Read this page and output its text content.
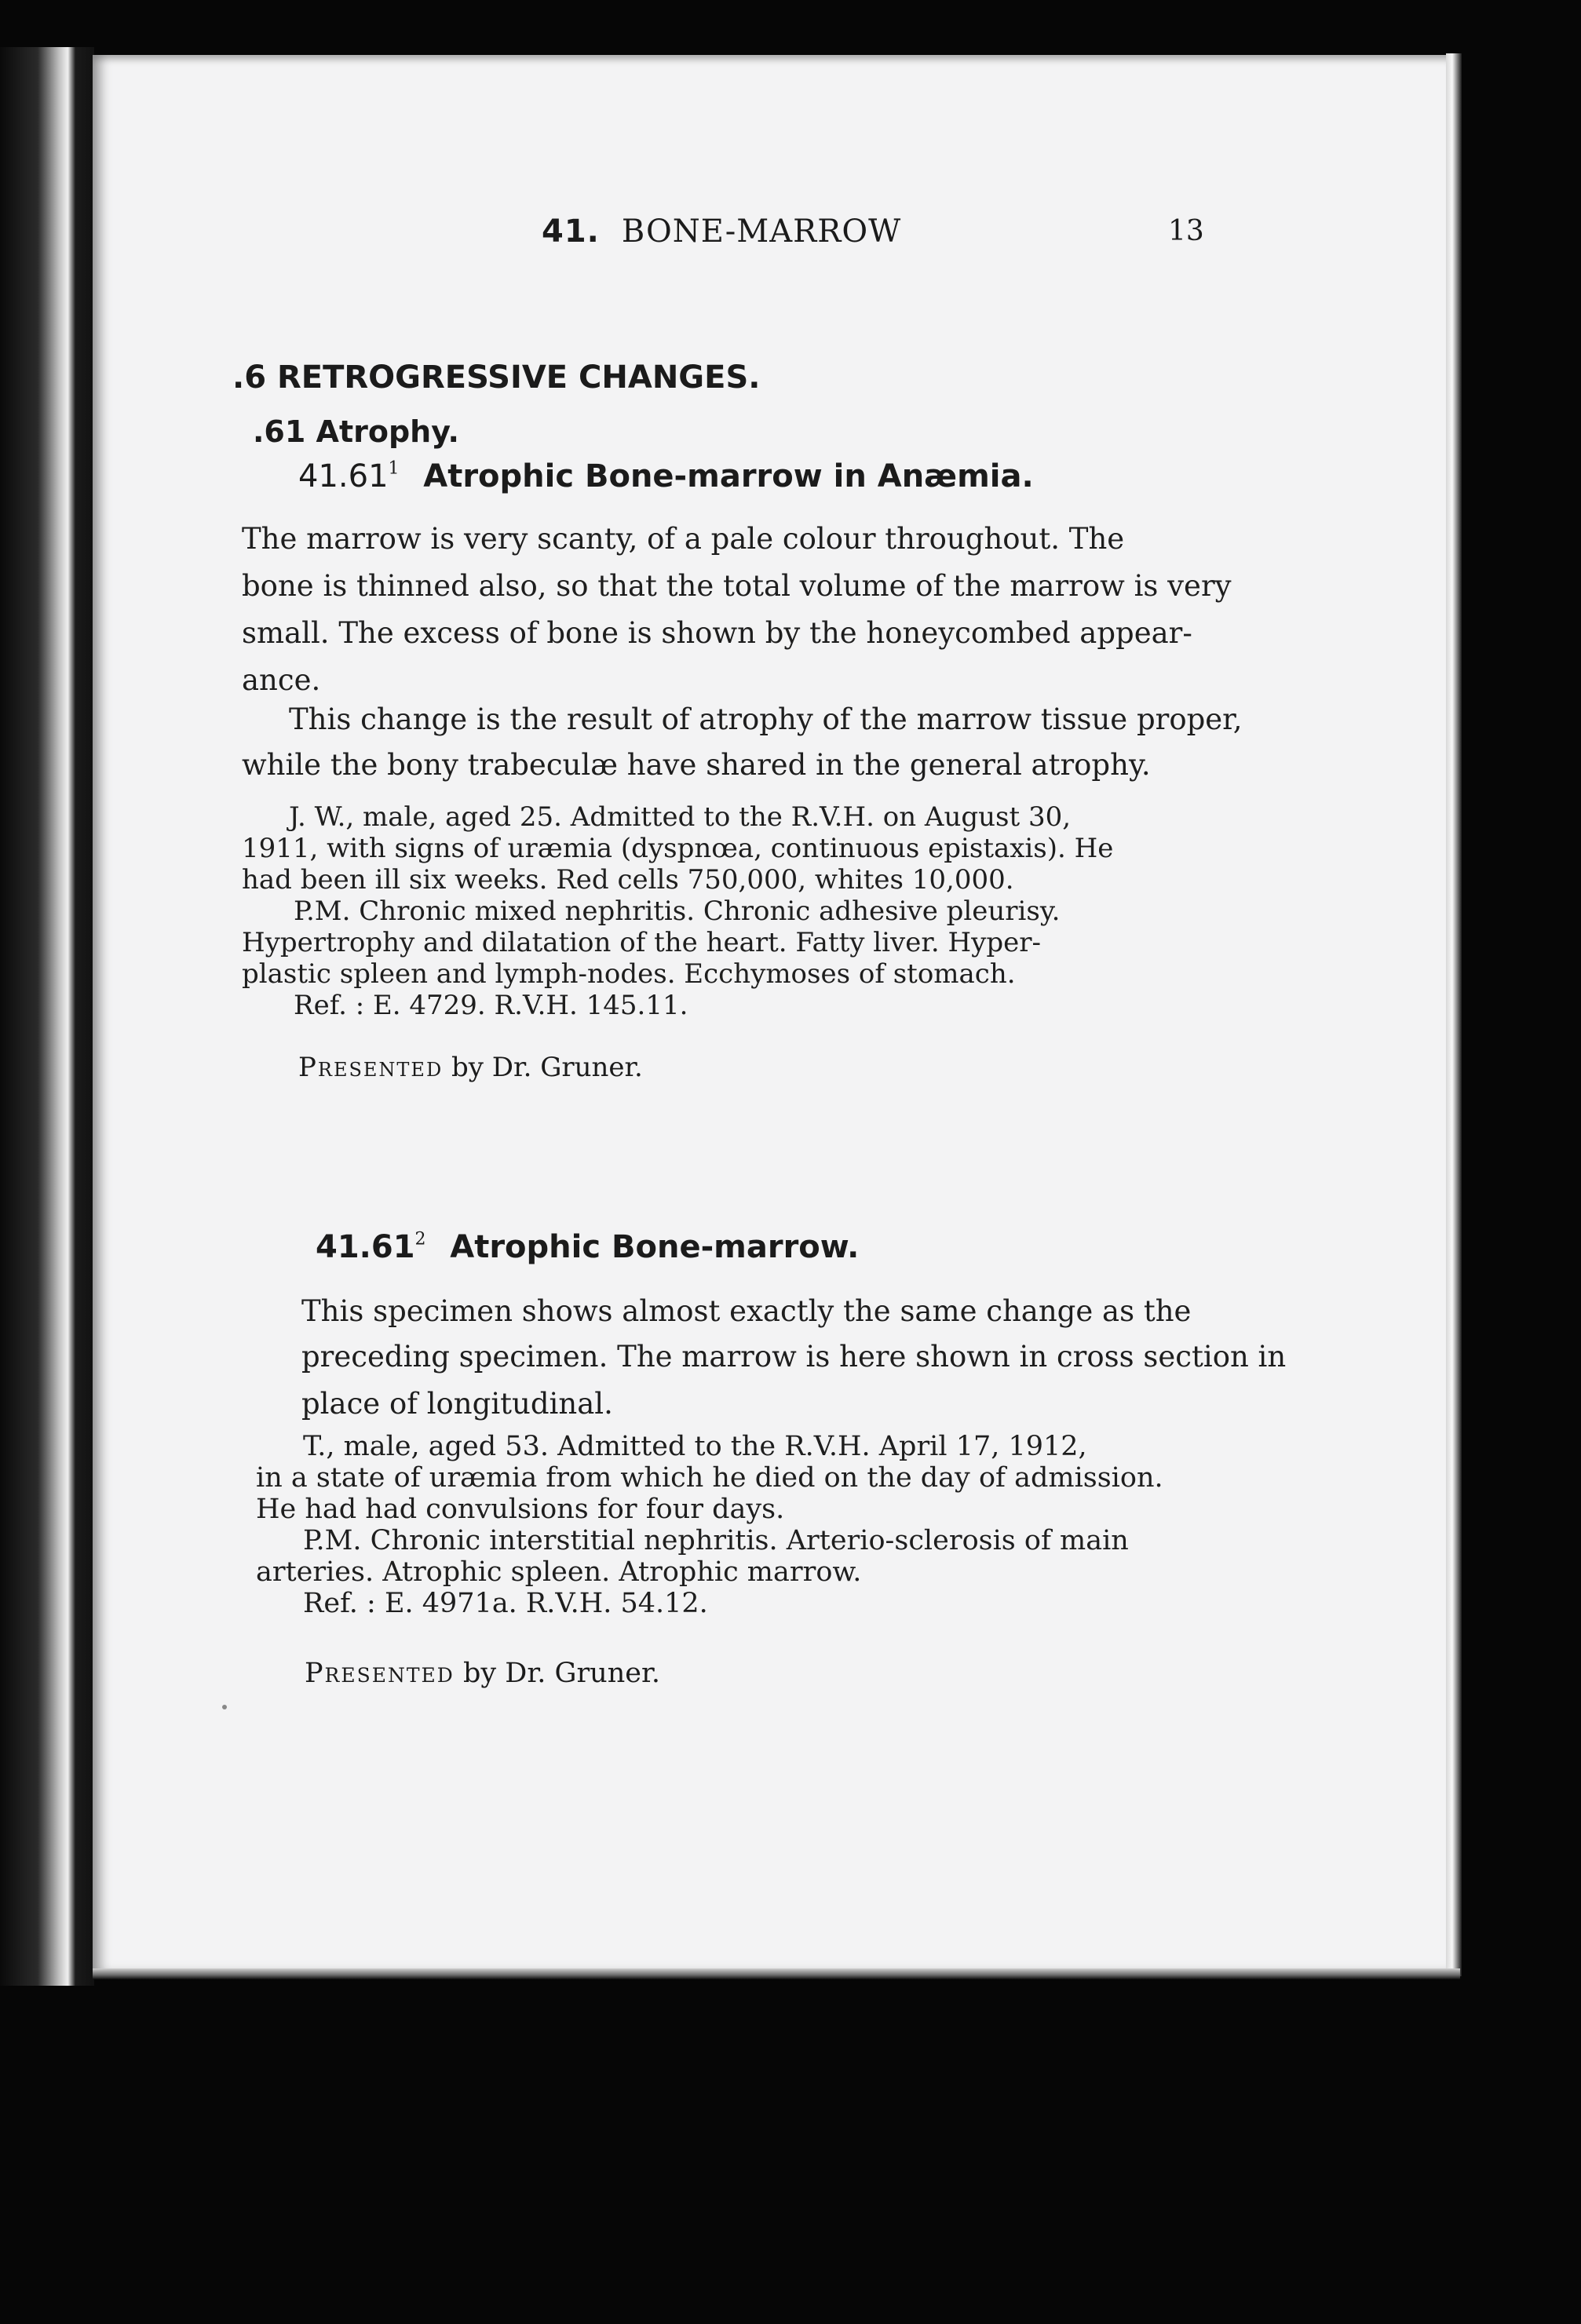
41. BONE-MARROW	13
.6 RETROGRESSIVE CHANGES.
.61 Atrophy.
41.61$^1$ Atrophic Bone-marrow in Anæmia.
The marrow is very scanty, of a pale colour throughout. The
bone is thinned also, so that the total volume of the marrow is very
small. The excess of bone is shown by the honeycombed appear-
ance.
This change is the result of atrophy of the marrow tissue proper,
while the bony trabeculæ have shared in the general atrophy.
J. W., male, aged 25. Admitted to the R.V.H. on August 30,
1911, with signs of uræmia (dyspnœa, continuous epistaxis). He
had been ill six weeks. Red cells 750,000, whites 10,000.
P.M. Chronic mixed nephritis. Chronic adhesive pleurisy.
Hypertrophy and dilatation of the heart. Fatty liver. Hyper-
plastic spleen and lymph-nodes. Ecchymoses of stomach.
Ref. : E. 4729. R.V.H. 145.11.
Presented by Dr. Gruner.
41.61$^2$ Atrophic Bone-marrow.
This specimen shows almost exactly the same change as the
preceding specimen. The marrow is here shown in cross section in
place of longitudinal.
T., male, aged 53. Admitted to the R.V.H. April 17, 1912,
in a state of uræmia from which he died on the day of admission.
He had had convulsions for four days.
P.M. Chronic interstitial nephritis. Arterio-sclerosis of main
arteries. Atrophic spleen. Atrophic marrow.
Ref. : E. 4971a. R.V.H. 54.12.
Presented by Dr. Gruner.
